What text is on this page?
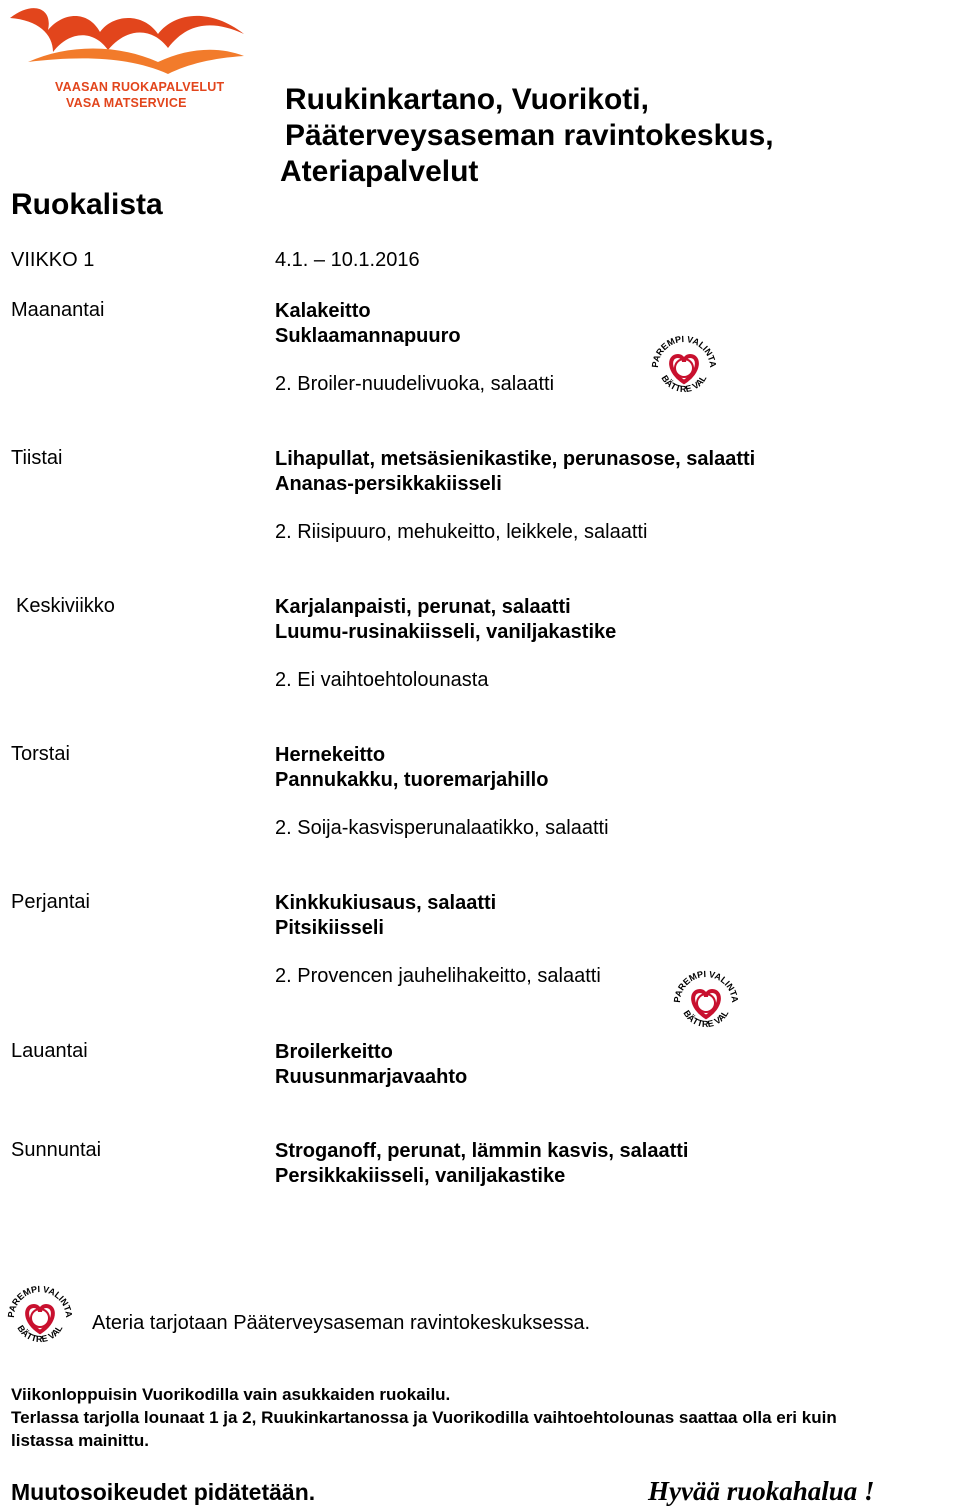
VAASAN RUOKAPALVELUT
VASA MATSERVICE	Ruukinkartano, Vuorikoti,
Pääterveysaseman ravintokeskus,
Ateriapalvelut
Ruokalista
VIIKKO 1	4.1. – 10.1.2016
Maanantai	Kalakeitto
Suklaamannapuuro
2. Broiler-nuudelivuoka, salaatti
Tiistai	Lihapullat, metsäsienikastike, perunasose, salaatti
Ananas-persikkakiisseli
2. Riisipuuro, mehukeitto, leikkele, salaatti
Keskiviikko	Karjalanpaisti, perunat, salaatti
Luumu-rusinakiisseli, vaniljakastike
2. Ei vaihtoehtolounasta
Torstai	Hernekeitto
Pannukakku, tuoremarjahillo
2. Soija-kasvisperunalaatikko, salaatti
Perjantai	Kinkkukiusaus, salaatti
Pitsikiisseli
2. Provencen jauhelihakeitto, salaatti
Lauantai	Broilerkeitto
Ruusunmarjavaahto
Sunnuntai	Stroganoff, perunat, lämmin kasvis, salaatti
Persikkakiisseli, vaniljakastike
PAREMPI VALINTA
BÄTTRE VAL
PAREMPI VALINTA
BÄTTRE VAL
PAREMPI VALINTA
BÄTTRE VAL Ateria tarjotaan Pääterveysaseman ravintokeskuksessa.
Viikonloppuisin Vuorikodilla vain asukkaiden ruokailu.
Terlassa tarjolla lounaat 1 ja 2, Ruukinkartanossa ja Vuorikodilla vaihtoehtolounas saattaa olla eri kuin
listassa mainittu.
Muutosoikeudet pidätetään.	Hyvää ruokahalua !
